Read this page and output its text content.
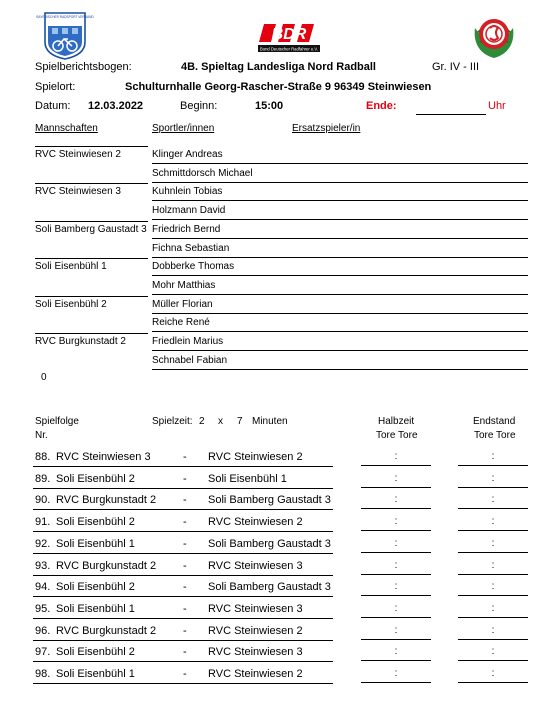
BAYERISCHER RADSPORT VERBAND
BDR
Bund Deutscher Radfahrer e.V.
Spielberichtsbogen:	4B. Spieltag Landesliga Nord Radball	Gr. IV - III
Spielort:	Schulturnhalle Georg-Rascher-Straße 9 96349 Steinwiesen
Datum: 12.03.2022	Beginn:	15:00	Ende:	Uhr
Mannschaften	Sportler/innen	Ersatzspieler/in
RVC Steinwiesen 2	Klinger Andreas
Schmittdorsch Michael
RVC Steinwiesen 3	Kuhnlein Tobias
Holzmann David
Soli Bamberg Gaustadt 3 Friedrich Bernd
Fichna Sebastian
Soli Eisenbühl 1	Dobberke Thomas
Mohr Matthias
Soli Eisenbühl 2	Müller Florian
Reiche René
RVC Burgkunstadt 2	Friedlein Marius
Schnabel Fabian
0
Spielfolge
Nr.
Spielzeit: 2 x 7 Minuten	Halbzeit
Tore Tore
Endstand
Tore Tore
88. RVC Steinwiesen 3	- RVC Steinwiesen 2	:	:
89. Soli Eisenbühl 2	- Soli Eisenbühl 1	:	:
90. RVC Burgkunstadt 2 - Soli Bamberg Gaustadt 3	:	:
91. Soli Eisenbühl 2	- RVC Steinwiesen 2	:	:
92. Soli Eisenbühl 1	- Soli Bamberg Gaustadt 3	:	:
93. RVC Burgkunstadt 2 - RVC Steinwiesen 3	:	:
94. Soli Eisenbühl 2	- Soli Bamberg Gaustadt 3	:	:
95. Soli Eisenbühl 1	- RVC Steinwiesen 3	:	:
96. RVC Burgkunstadt 2 - RVC Steinwiesen 2	:	:
97. Soli Eisenbühl 2	- RVC Steinwiesen 3	:	:
98. Soli Eisenbühl 1	- RVC Steinwiesen 2	:	:
